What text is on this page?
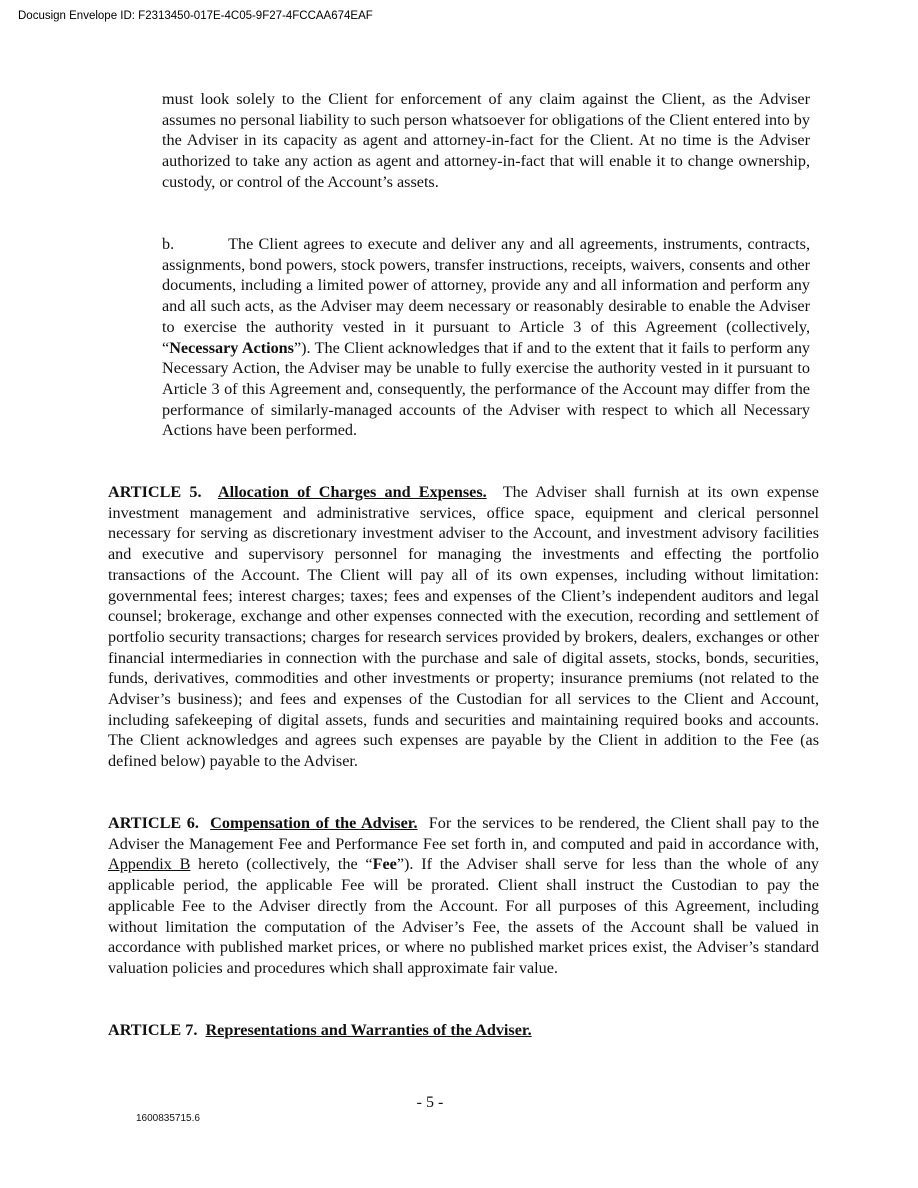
Docusign Envelope ID: F2313450-017E-4C05-9F27-4FCCAA674EAF

must look solely to the Client for enforcement of any claim against the Client, as the Adviser assumes no personal liability to such person whatsoever for obligations of the Client entered into by the Adviser in its capacity as agent and attorney-in-fact for the Client. At no time is the Adviser authorized to take any action as agent and attorney-in-fact that will enable it to change ownership, custody, or control of the Account’s assets.

b.	The Client agrees to execute and deliver any and all agreements, instruments, contracts, assignments, bond powers, stock powers, transfer instructions, receipts, waivers, consents and other documents, including a limited power of attorney, provide any and all information and perform any and all such acts, as the Adviser may deem necessary or reasonably desirable to enable the Adviser to exercise the authority vested in it pursuant to Article 3 of this Agreement (collectively, “Necessary Actions”). The Client acknowledges that if and to the extent that it fails to perform any Necessary Action, the Adviser may be unable to fully exercise the authority vested in it pursuant to Article 3 of this Agreement and, consequently, the performance of the Account may differ from the performance of similarly-managed accounts of the Adviser with respect to which all Necessary Actions have been performed.

ARTICLE 5. Allocation of Charges and Expenses. The Adviser shall furnish at its own expense investment management and administrative services, office space, equipment and clerical personnel necessary for serving as discretionary investment adviser to the Account, and investment advisory facilities and executive and supervisory personnel for managing the investments and effecting the portfolio transactions of the Account. The Client will pay all of its own expenses, including without limitation: governmental fees; interest charges; taxes; fees and expenses of the Client’s independent auditors and legal counsel; brokerage, exchange and other expenses connected with the execution, recording and settlement of portfolio security transactions; charges for research services provided by brokers, dealers, exchanges or other financial intermediaries in connection with the purchase and sale of digital assets, stocks, bonds, securities, funds, derivatives, commodities and other investments or property; insurance premiums (not related to the Adviser’s business); and fees and expenses of the Custodian for all services to the Client and Account, including safekeeping of digital assets, funds and securities and maintaining required books and accounts. The Client acknowledges and agrees such expenses are payable by the Client in addition to the Fee (as defined below) payable to the Adviser.

ARTICLE 6. Compensation of the Adviser. For the services to be rendered, the Client shall pay to the Adviser the Management Fee and Performance Fee set forth in, and computed and paid in accordance with, Appendix B hereto (collectively, the “Fee”). If the Adviser shall serve for less than the whole of any applicable period, the applicable Fee will be prorated. Client shall instruct the Custodian to pay the applicable Fee to the Adviser directly from the Account. For all purposes of this Agreement, including without limitation the computation of the Adviser’s Fee, the assets of the Account shall be valued in accordance with published market prices, or where no published market prices exist, the Adviser’s standard valuation policies and procedures which shall approximate fair value.

ARTICLE 7. Representations and Warranties of the Adviser.

- 5 -
1600835715.6
